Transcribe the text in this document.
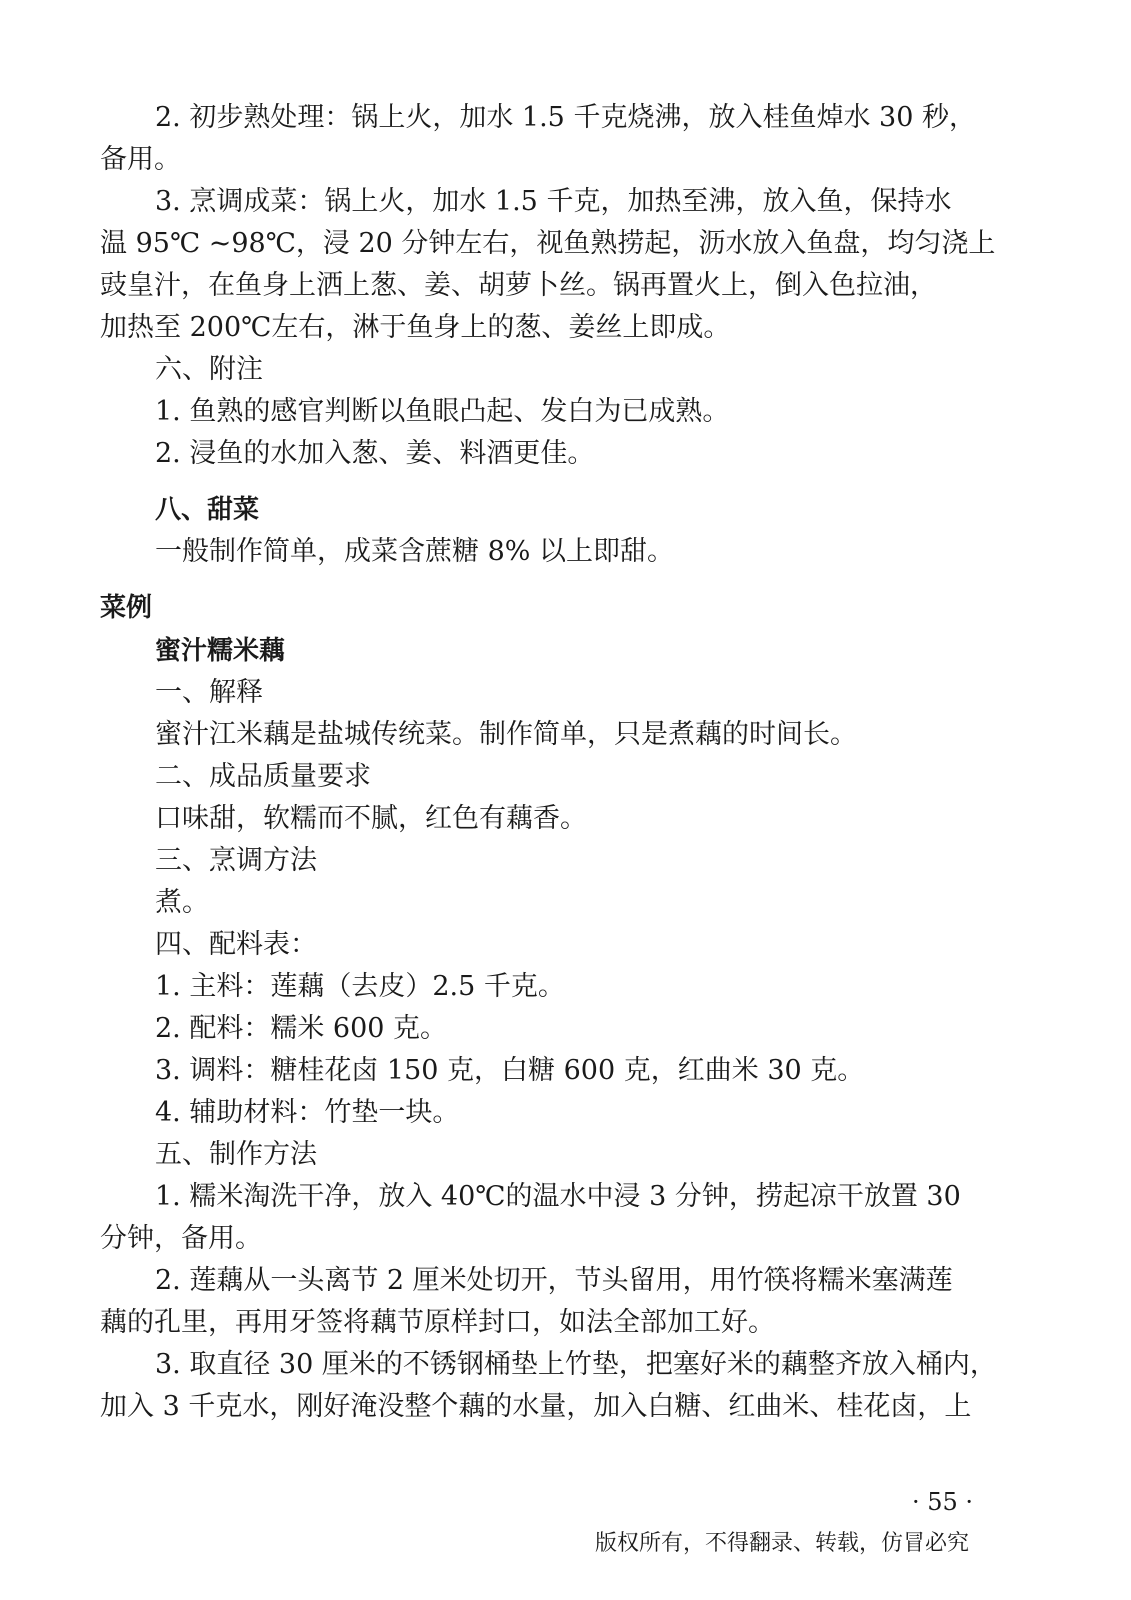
2. 初步熟处理：锅上火，加水 1.5 千克烧沸，放入桂鱼焯水 30 秒，
备用。
3. 烹调成菜：锅上火，加水 1.5 千克，加热至沸，放入鱼，保持水
温 95℃ ~98℃，浸 20 分钟左右，视鱼熟捞起，沥水放入鱼盘，均匀浇上
豉皇汁，在鱼身上洒上葱、姜、胡萝卜丝。锅再置火上，倒入色拉油，
加热至 200℃左右，淋于鱼身上的葱、姜丝上即成。
六、附注
1. 鱼熟的感官判断以鱼眼凸起、发白为已成熟。
2. 浸鱼的水加入葱、姜、料酒更佳。
八、甜菜
一般制作简单，成菜含蔗糖 8% 以上即甜。
菜例
蜜汁糯米藕
一、解释
蜜汁江米藕是盐城传统菜。制作简单，只是煮藕的时间长。
二、成品质量要求
口味甜，软糯而不腻，红色有藕香。
三、烹调方法
煮。
四、配料表：
1. 主料：莲藕（去皮）2.5 千克。
2. 配料：糯米 600 克。
3. 调料：糖桂花卤 150 克，白糖 600 克，红曲米 30 克。
4. 辅助材料：竹垫一块。
五、制作方法
1. 糯米淘洗干净，放入 40℃的温水中浸 3 分钟，捞起凉干放置 30
分钟，备用。
2. 莲藕从一头离节 2 厘米处切开，节头留用，用竹筷将糯米塞满莲
藕的孔里，再用牙签将藕节原样封口，如法全部加工好。
3. 取直径 30 厘米的不锈钢桶垫上竹垫，把塞好米的藕整齐放入桶内，
加入 3 千克水，刚好淹没整个藕的水量，加入白糖、红曲米、桂花卤，上
· 55 ·
版权所有，不得翻录、转载，仿冒必究
